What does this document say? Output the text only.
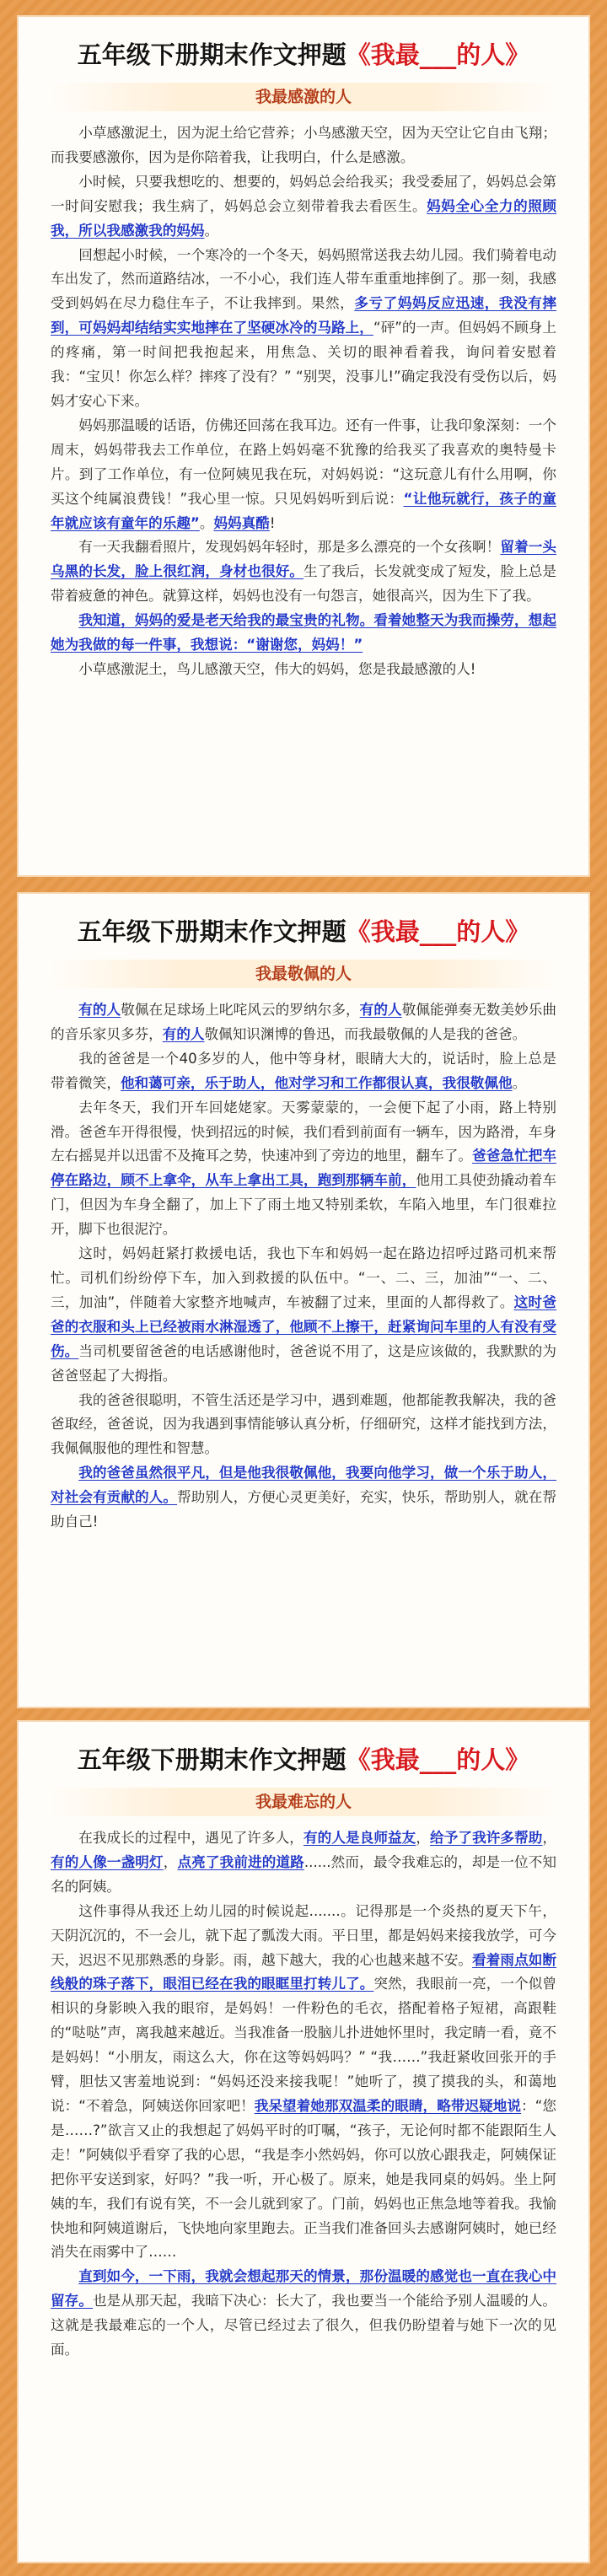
五年级下册期末作文押题《我最___的人》
我最感激的人

小草感激泥土，因为泥土给它营养；小鸟感激天空，因为天空让它自由飞翔；而我要感激你，因为是你陪着我，让我明白，什么是感激。

小时候，只要我想吃的、想要的，妈妈总会给我买；我受委屈了，妈妈总会第一时间安慰我；我生病了，妈妈总会立刻带着我去看医生。妈妈全心全力的照顾我，所以我感激我的妈妈。

回想起小时候，一个寒冷的一个冬天，妈妈照常送我去幼儿园。我们骑着电动车出发了，然而道路结冰，一不小心，我们连人带车重重地摔倒了。那一刻，我感受到妈妈在尽力稳住车子，不让我摔到。果然，多亏了妈妈反应迅速，我没有摔到，可妈妈却结结实实地摔在了坚硬冰冷的马路上，“砰”的一声。但妈妈不顾身上的疼痛，第一时间把我抱起来，用焦急、关切的眼神看着我，询问着安慰着我：“宝贝！你怎么样？摔疼了没有？” “别哭，没事儿!”确定我没有受伤以后，妈妈才安心下来。

妈妈那温暖的话语，仿佛还回荡在我耳边。还有一件事，让我印象深刻：一个周末，妈妈带我去工作单位，在路上妈妈毫不犹豫的给我买了我喜欢的奥特曼卡片。到了工作单位，有一位阿姨见我在玩，对妈妈说：“这玩意儿有什么用啊，你买这个纯属浪费钱！”我心里一惊。只见妈妈听到后说：“让他玩就行，孩子的童年就应该有童年的乐趣”。妈妈真酷!

有一天我翻看照片，发现妈妈年轻时，那是多么漂亮的一个女孩啊！留着一头乌黑的长发，脸上很红润，身材也很好。生了我后，长发就变成了短发，脸上总是带着疲惫的神色。就算这样，妈妈也没有一句怨言，她很高兴，因为生下了我。

我知道，妈妈的爱是老天给我的最宝贵的礼物。看着她整天为我而操劳，想起她为我做的每一件事，我想说：“谢谢您，妈妈！”

小草感激泥土，鸟儿感激天空，伟大的妈妈，您是我最感激的人!

五年级下册期末作文押题《我最___的人》
我最敬佩的人

有的人敬佩在足球场上叱咤风云的罗纳尔多，有的人敬佩能弹奏无数美妙乐曲的音乐家贝多芬，有的人敬佩知识渊博的鲁迅，而我最敬佩的人是我的爸爸。

我的爸爸是一个40多岁的人，他中等身材，眼睛大大的，说话时，脸上总是带着微笑，他和蔼可亲，乐于助人，他对学习和工作都很认真，我很敬佩他。

去年冬天，我们开车回姥姥家。天雾蒙蒙的，一会便下起了小雨，路上特别滑。爸爸车开得很慢，快到招远的时候，我们看到前面有一辆车，因为路滑，车身左右摇晃并以迅雷不及掩耳之势，快速冲到了旁边的地里，翻车了。爸爸急忙把车停在路边，顾不上拿伞，从车上拿出工具，跑到那辆车前，他用工具使劲撬动着车门，但因为车身全翻了，加上下了雨土地又特别柔软，车陷入地里，车门很难拉开，脚下也很泥泞。

这时，妈妈赶紧打救援电话，我也下车和妈妈一起在路边招呼过路司机来帮忙。司机们纷纷停下车，加入到救援的队伍中。“一、二、三，加油”“一、二、三，加油”，伴随着大家整齐地喊声，车被翻了过来，里面的人都得救了。这时爸爸的衣服和头上已经被雨水淋湿透了，他顾不上擦干，赶紧询问车里的人有没有受伤。当司机要留爸爸的电话感谢他时，爸爸说不用了，这是应该做的，我默默的为爸爸竖起了大拇指。

我的爸爸很聪明，不管生活还是学习中，遇到难题，他都能教我解决，我的爸爸取经，爸爸说，因为我遇到事情能够认真分析，仔细研究，这样才能找到方法，我佩佩服他的理性和智慧。

我的爸爸虽然很平凡，但是他我很敬佩他，我要向他学习，做一个乐于助人，对社会有贡献的人。帮助别人，方便心灵更美好，充实，快乐，帮助别人，就在帮助自己!

五年级下册期末作文押题《我最___的人》
我最难忘的人

在我成长的过程中，遇见了许多人，有的人是良师益友，给予了我许多帮助，有的人像一盏明灯，点亮了我前进的道路......然而，最令我难忘的，却是一位不知名的阿姨。

这件事得从我还上幼儿园的时候说起.......。记得那是一个炎热的夏天下午，天阴沉沉的，不一会儿，就下起了瓢泼大雨。平日里，都是妈妈来接我放学，可今天，迟迟不见那熟悉的身影。雨，越下越大，我的心也越来越不安。看着雨点如断线般的珠子落下，眼泪已经在我的眼眶里打转儿了。突然，我眼前一亮，一个似曾相识的身影映入我的眼帘，是妈妈！一件粉色的毛衣，搭配着格子短裙，高跟鞋的“哒哒”声，离我越来越近。当我准备一股脑儿扑进她怀里时，我定睛一看，竟不是妈妈！“小朋友，雨这么大，你在这等妈妈吗？” “我……”我赶紧收回张开的手臂，胆怯又害羞地说到：“妈妈还没来接我呢！”她听了，摸了摸我的头，和蔼地说：“不着急，阿姨送你回家吧！我呆望着她那双温柔的眼睛，略带迟疑地说：“您是……?”欲言又止的我想起了妈妈平时的叮嘱，“孩子，无论何时都不能跟陌生人走！”阿姨似乎看穿了我的心思，“我是李小然妈妈，你可以放心跟我走，阿姨保证把你平安送到家，好吗？”我一听，开心极了。原来，她是我同桌的妈妈。坐上阿姨的车，我们有说有笑，不一会儿就到家了。门前，妈妈也正焦急地等着我。我愉快地和阿姨道谢后，飞快地向家里跑去。正当我们准备回头去感谢阿姨时，她已经消失在雨雾中了……

直到如今，一下雨，我就会想起那天的情景，那份温暖的感觉也一直在我心中留存。也是从那天起，我暗下决心：长大了，我也要当一个能给予别人温暖的人。这就是我最难忘的一个人，尽管已经过去了很久，但我仍盼望着与她下一次的见面。
